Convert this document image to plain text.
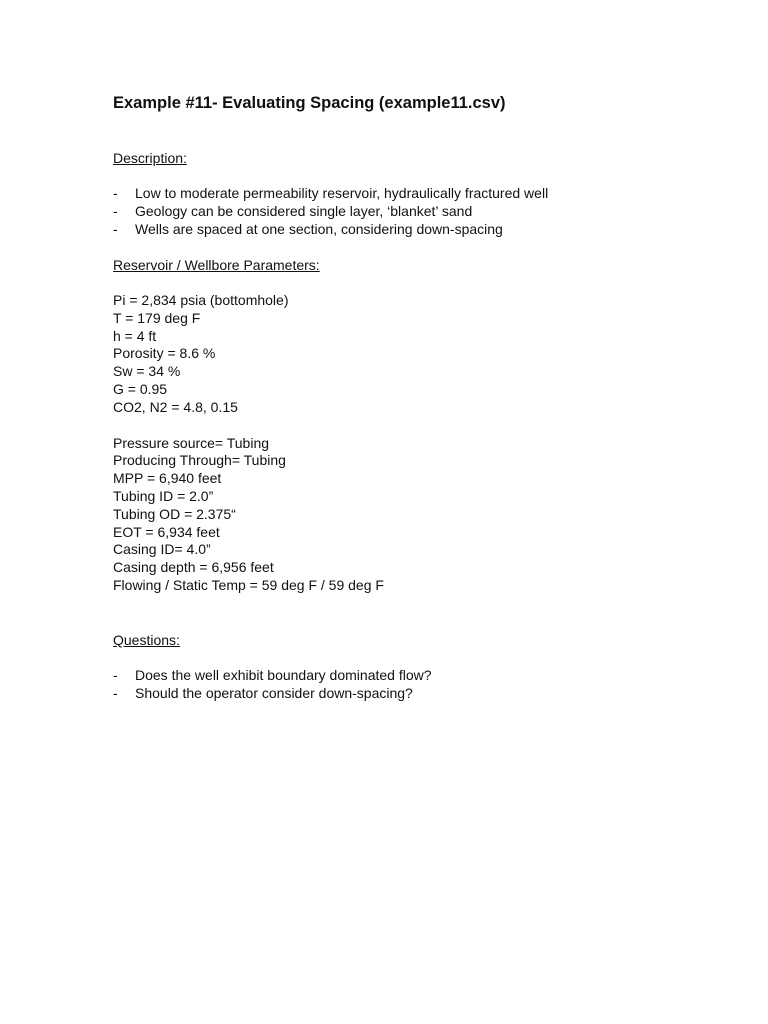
Example #11- Evaluating Spacing (example11.csv)
Description:
- Low to moderate permeability reservoir, hydraulically fractured well
- Geology can be considered single layer, ‘blanket’ sand
- Wells are spaced at one section, considering down-spacing
Reservoir / Wellbore Parameters:
Pi = 2,834 psia (bottomhole)
T = 179 deg F
h = 4 ft
Porosity = 8.6 %
Sw = 34 %
G = 0.95
CO2, N2 = 4.8, 0.15
Pressure source= Tubing
Producing Through= Tubing
MPP = 6,940 feet
Tubing ID = 2.0”
Tubing OD = 2.375“
EOT = 6,934 feet
Casing ID= 4.0”
Casing depth = 6,956 feet
Flowing / Static Temp = 59 deg F / 59 deg F
Questions:
- Does the well exhibit boundary dominated flow?
- Should the operator consider down-spacing?
